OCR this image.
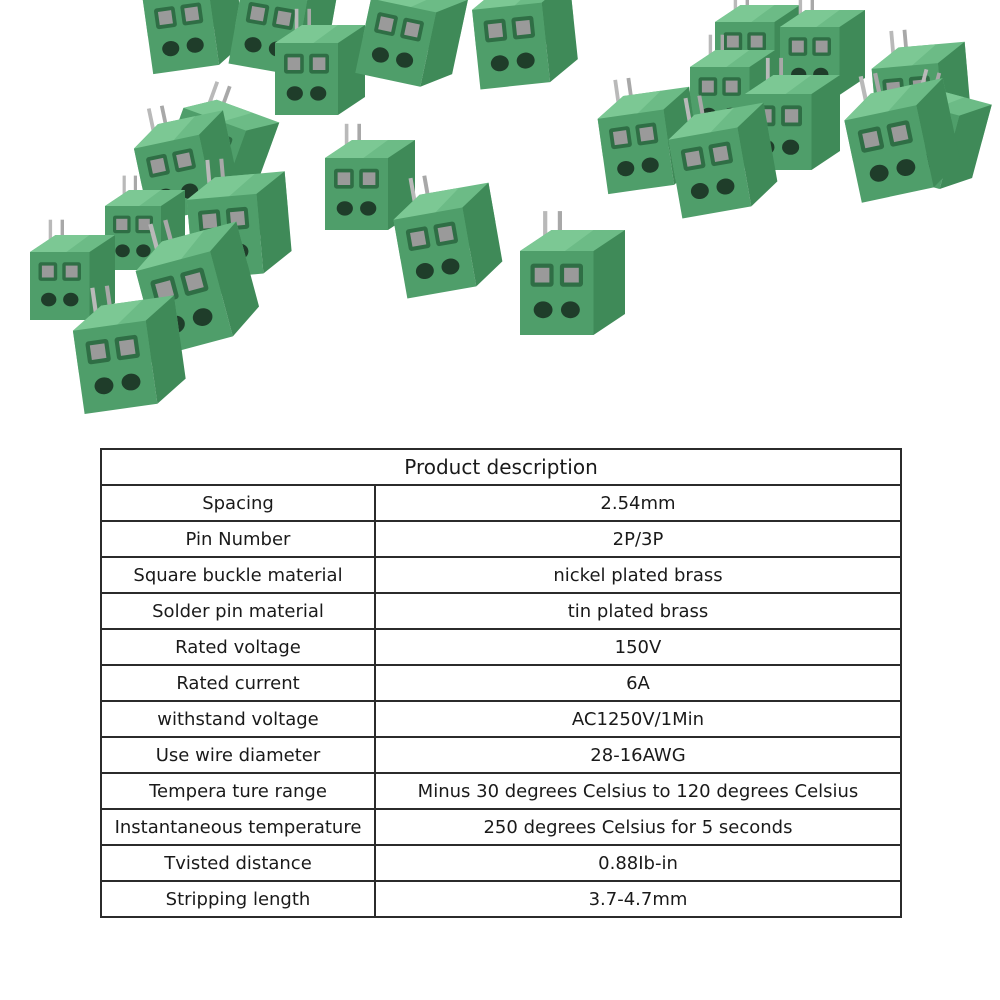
Product description	
Spacing	2.54mm
Pin Number	2P/3P
Square buckle material	nickel plated brass
Solder pin material	tin plated brass
Rated voltage	150V
Rated current	6A
withstand voltage	AC1250V/1Min
Use wire diameter	28-16AWG
Tempera ture range	Minus 30 degrees Celsius to 120 degrees Celsius
Instantaneous temperature	250 degrees Celsius for 5 seconds
Tvisted distance	0.88Ib-in
Stripping length	3.7-4.7mm
